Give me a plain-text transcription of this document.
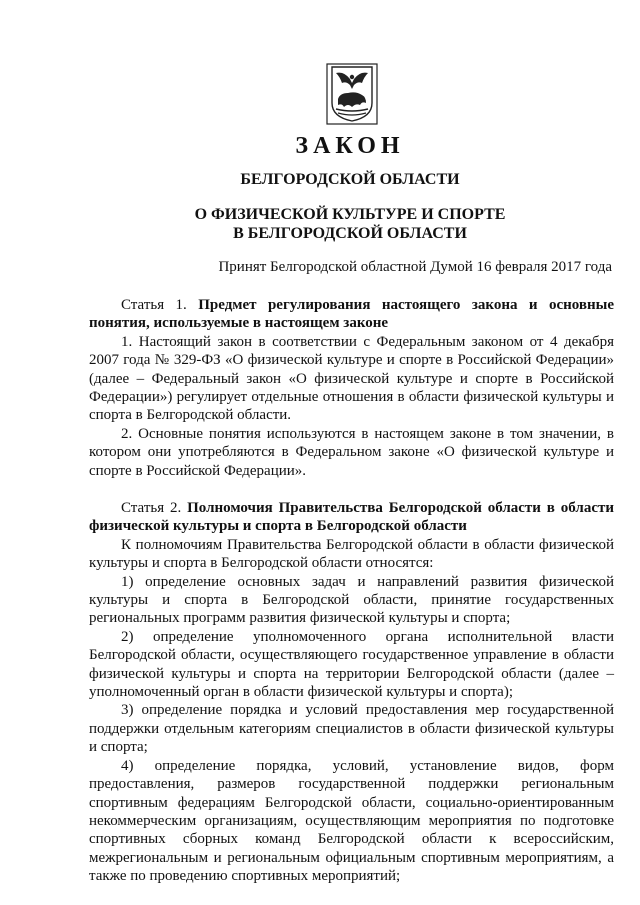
ЗАКОН
БЕЛГОРОДСКОЙ ОБЛАСТИ
О ФИЗИЧЕСКОЙ КУЛЬТУРЕ И СПОРТЕ
В БЕЛГОРОДСКОЙ ОБЛАСТИ
Принят Белгородской областной Думой 16 февраля 2017 года

Статья 1. Предмет регулирования настоящего закона и основные понятия, используемые в настоящем законе

1. Настоящий закон в соответствии с Федеральным законом от 4 декабря 2007 года № 329-ФЗ «О физической культуре и спорте в Российской Федерации» (далее – Федеральный закон «О физической культуре и спорте в Российской Федерации») регулирует отдельные отношения в области физической культуры и спорта в Белгородской области.

2. Основные понятия используются в настоящем законе в том значении, в котором они употребляются в Федеральном законе «О физической культуре и спорте в Российской Федерации».

Статья 2. Полномочия Правительства Белгородской области в области физической культуры и спорта в Белгородской области

К полномочиям Правительства Белгородской области в области физической культуры и спорта в Белгородской области относятся:

1) определение основных задач и направлений развития физической культуры и спорта в Белгородской области, принятие государственных региональных программ развития физической культуры и спорта;

2) определение уполномоченного органа исполнительной власти Белгородской области, осуществляющего государственное управление в области физической культуры и спорта на территории Белгородской области (далее – уполномоченный орган в области физической культуры и спорта);

3) определение порядка и условий предоставления мер государственной поддержки отдельным категориям специалистов в области физической культуры и спорта;

4) определение порядка, условий, установление видов, форм предоставления, размеров государственной поддержки региональным спортивным федерациям Белгородской области, социально-ориентированным некоммерческим организациям, осуществляющим мероприятия по подготовке спортивных сборных команд Белгородской области к всероссийским, межрегиональным и региональным официальным спортивным мероприятиям, а также по проведению спортивных мероприятий;
